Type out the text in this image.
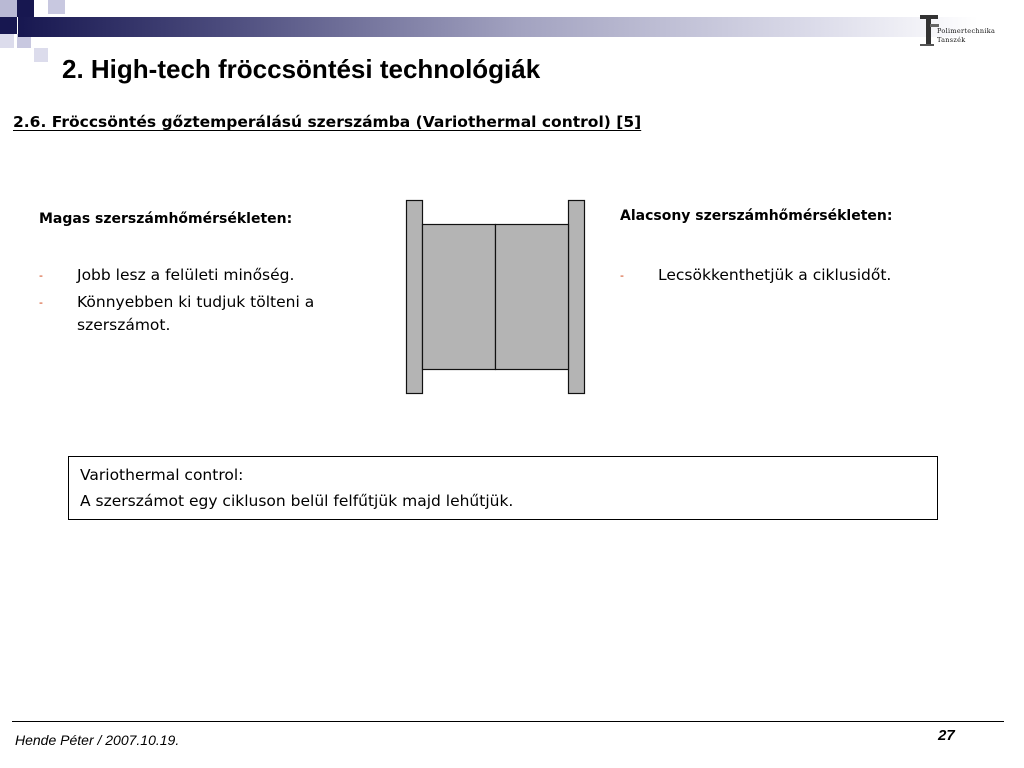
Polimertechnika
Tanszék
2. High-tech fröccsöntési technológiák
2.6. Fröccsöntés gőztemperálású szerszámba (Variothermal control) [5]
Magas szerszámhőmérsékleten:
- Jobb lesz a felületi minőség.
- Könnyebben ki tudjuk tölteni a szerszámot.
Alacsony szerszámhőmérsékleten:
- Lecsökkenthetjük a ciklusidőt.
Variothermal control:
A szerszámot egy cikluson belül felfűtjük majd lehűtjük.
Hende Péter / 2007.10.19.	27
